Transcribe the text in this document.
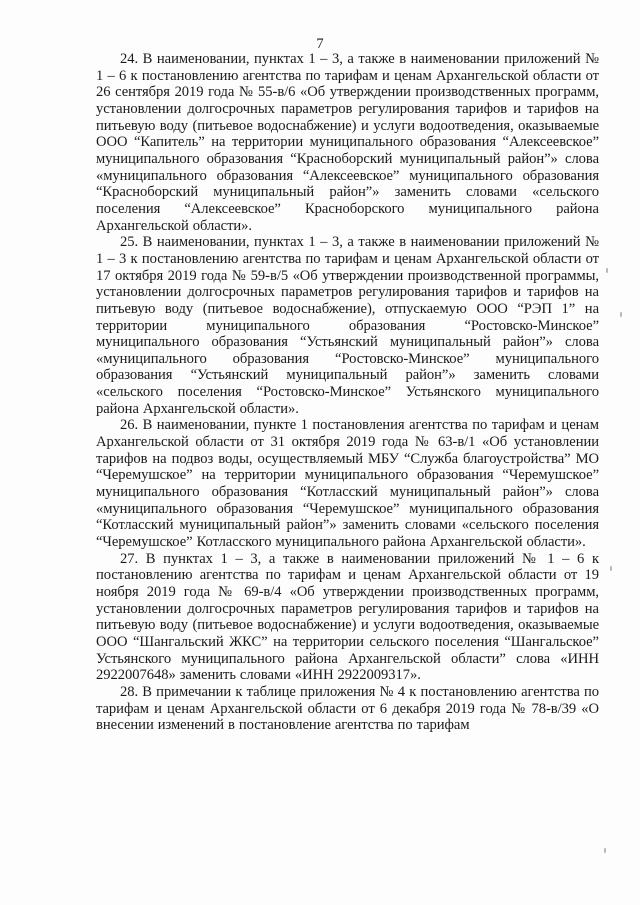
7

24. В наименовании, пунктах 1 – 3, а также в наименовании приложений № 1 – 6 к постановлению агентства по тарифам и ценам Архангельской области от 26 сентября 2019 года № 55-в/6 «Об утверждении производственных программ, установлении долгосрочных параметров регулирования тарифов и тарифов на питьевую воду (питьевое водоснабжение) и услуги водоотведения, оказываемые ООО “Капитель” на территории муниципального образования “Алексеевское” муниципального образования “Красноборский муниципальный район”» слова «муниципального образования “Алексеевское” муниципального образования “Красноборский муниципальный район”» заменить словами «сельского поселения “Алексеевское” Красноборского муниципального района Архангельской области».

25. В наименовании, пунктах 1 – 3, а также в наименовании приложений № 1 – 3 к постановлению агентства по тарифам и ценам Архангельской области от 17 октября 2019 года № 59-в/5 «Об утверждении производственной программы, установлении долгосрочных параметров регулирования тарифов и тарифов на питьевую воду (питьевое водоснабжение), отпускаемую ООО “РЭП 1” на территории муниципального образования “Ростовско-Минское” муниципального образования “Устьянский муниципальный район”» слова «муниципального образования “Ростовско-Минское” муниципального образования “Устьянский муниципальный район”» заменить словами «сельского поселения “Ростовско-Минское” Устьянского муниципального района Архангельской области».

26. В наименовании, пункте 1 постановления агентства по тарифам и ценам Архангельской области от 31 октября 2019 года № 63-в/1 «Об установлении тарифов на подвоз воды, осуществляемый МБУ “Служба благоустройства” МО “Черемушское” на территории муниципального образования “Черемушское” муниципального образования “Котласский муниципальный район”» слова «муниципального образования “Черемушское” муниципального образования “Котласский муниципальный район”» заменить словами «сельского поселения “Черемушское” Котласского муниципального района Архангельской области».

27. В пунктах 1 – 3, а также в наименовании приложений № 1 – 6 к постановлению агентства по тарифам и ценам Архангельской области от 19 ноября 2019 года № 69-в/4 «Об утверждении производственных программ, установлении долгосрочных параметров регулирования тарифов и тарифов на питьевую воду (питьевое водоснабжение) и услуги водоотведения, оказываемые ООО “Шангальский ЖКС” на территории сельского поселения “Шангальское” Устьянского муниципального района Архангельской области” слова «ИНН 2922007648» заменить словами «ИНН 2922009317».

28. В примечании к таблице приложения № 4 к постановлению агентства по тарифам и ценам Архангельской области от 6 декабря 2019 года № 78-в/39 «О внесении изменений в постановление агентства по тарифам
